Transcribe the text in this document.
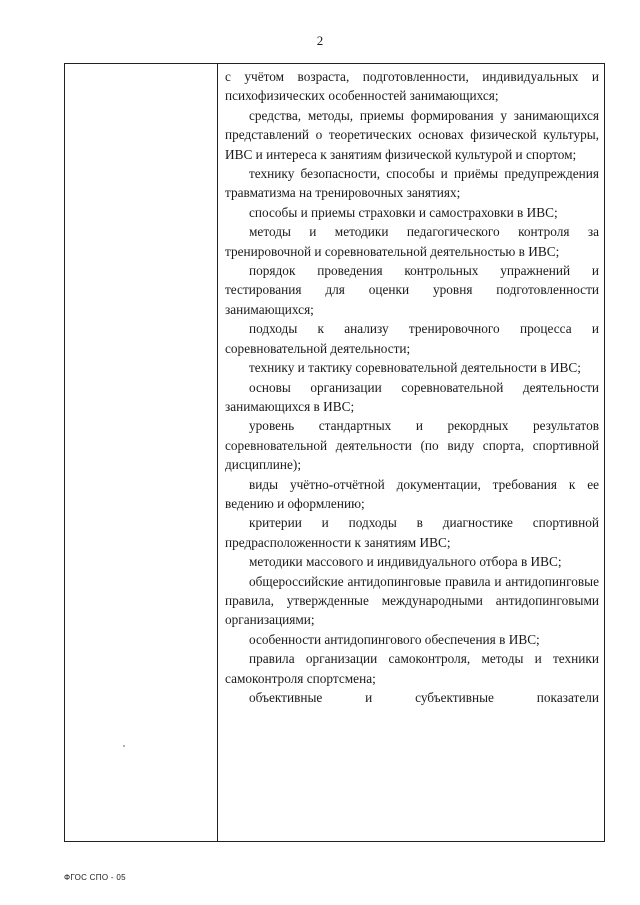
2

с учётом возраста, подготовленности, индивидуальных и психофизических особенностей занимающихся;

средства, методы, приемы формирования у занимающихся представлений о теоретических основах физической культуры, ИВС и интереса к занятиям физической культурой и спортом;

технику безопасности, способы и приёмы предупреждения травматизма на тренировочных занятиях;

способы и приемы страховки и самостраховки в ИВС;

методы и методики педагогического контроля за тренировочной и соревновательной деятельностью в ИВС;

порядок проведения контрольных упражнений и тестирования для оценки уровня подготовленности занимающихся;

подходы к анализу тренировочного процесса и соревновательной деятельности;

технику и тактику соревновательной деятельности в ИВС;

основы организации соревновательной деятельности занимающихся в ИВС;

уровень стандартных и рекордных результатов соревновательной деятельности (по виду спорта, спортивной дисциплине);

виды учётно-отчётной документации, требования к ее ведению и оформлению;

критерии и подходы в диагностике спортивной предрасположенности к занятиям ИВС;

методики массового и индивидуального отбора в ИВС;

общероссийские антидопинговые правила и антидопинговые правила, утвержденные международными антидопинговыми организациями;

особенности антидопингового обеспечения в ИВС;

правила организации самоконтроля, методы и техники самоконтроля спортсмена;

объективные и субъективные показатели

ФГОС СПО - 05
